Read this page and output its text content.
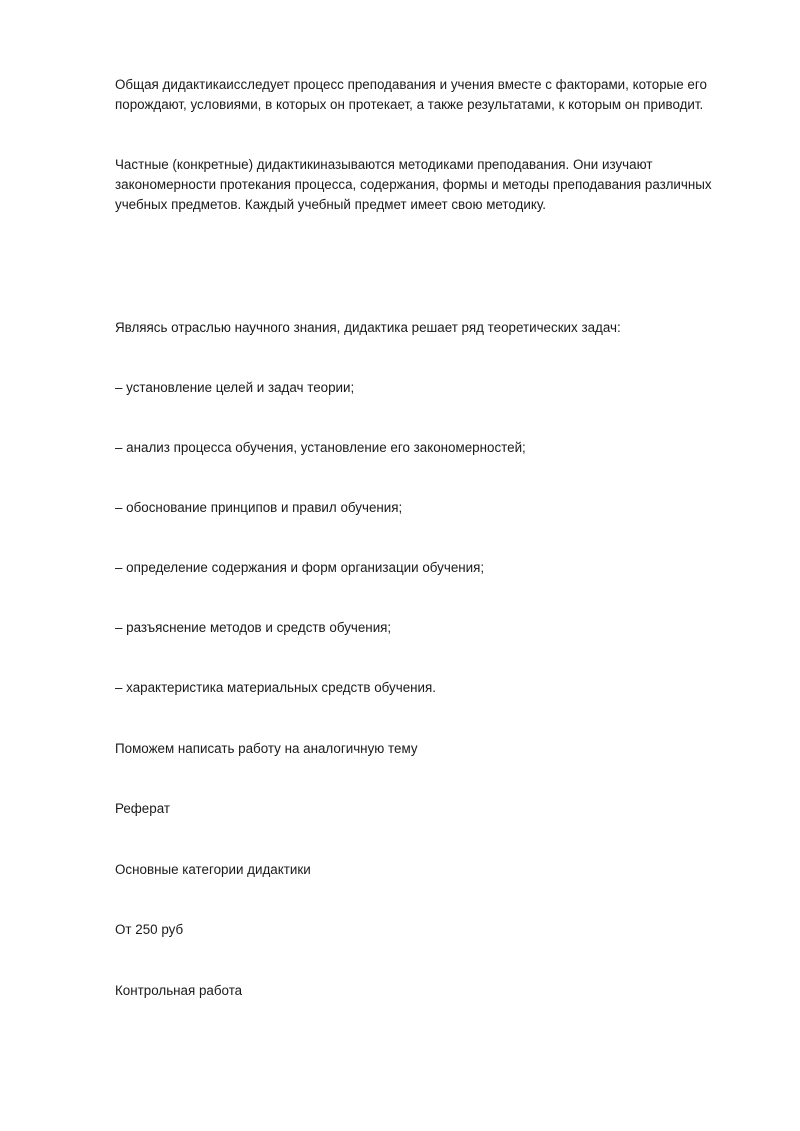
Общая дидактикаисследует процесс преподавания и учения вместе с факторами, которые его порождают, условиями, в которых он протекает, а также результатами, к которым он приводит.

Частные (конкретные) дидактикиназываются методиками преподавания. Они изучают закономерности протекания процесса, содержания, формы и методы преподавания различных учебных предметов. Каждый учебный предмет имеет свою методику.

Являясь отраслью научного знания, дидактика решает ряд теоретических задач:

– установление целей и задач теории;

– анализ процесса обучения, установление его закономерностей;

– обоснование принципов и правил обучения;

– определение содержания и форм организации обучения;

– разъяснение методов и средств обучения;

– характеристика материальных средств обучения.

Поможем написать работу на аналогичную тему

Реферат

Основные категории дидактики

От 250 руб

Контрольная работа
